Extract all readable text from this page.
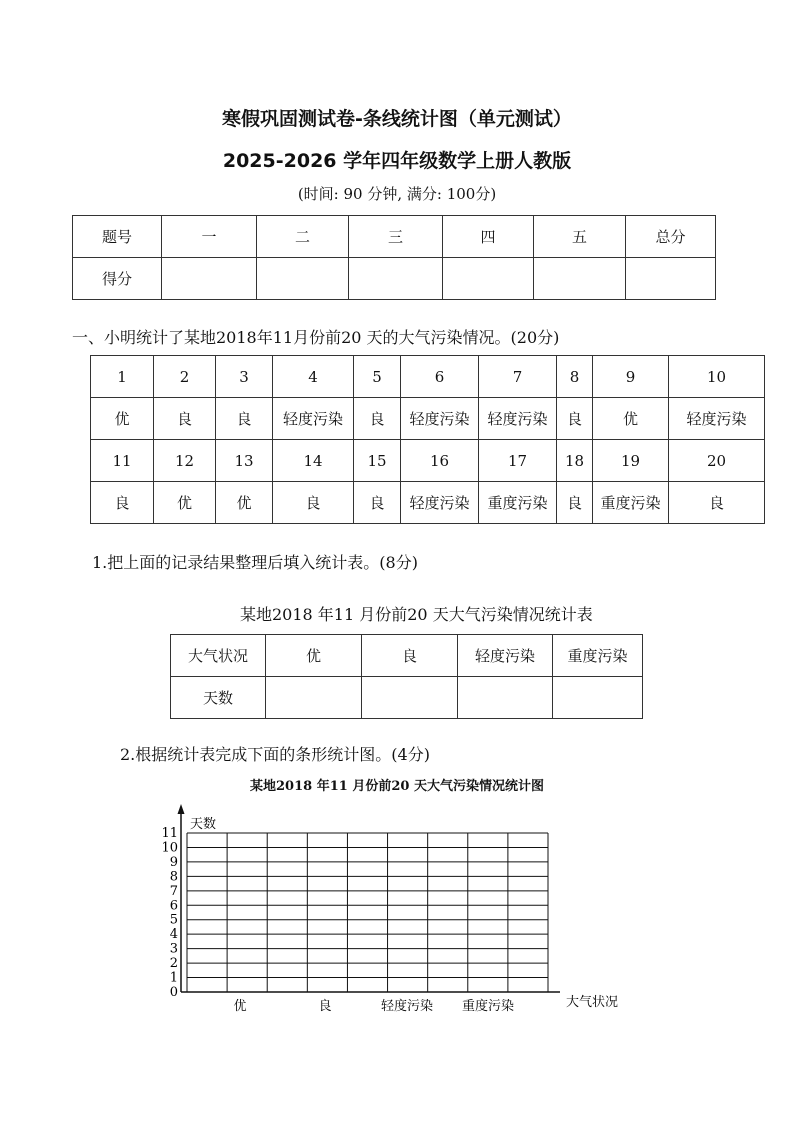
寒假巩固测试卷-条线统计图（单元测试）
2025-2026 学年四年级数学上册人教版
(时间: 90 分钟, 满分: 100分)
题号	一	二	三	四	五	总分
得分						
一、小明统计了某地2018年11月份前20 天的大气污染情况。(20分)
1	2	3	4	5	6	7	8	9	10
优	良	良	轻度污染	良	轻度污染	轻度污染	良	优	轻度污染
11	12	13	14	15	16	17	18	19	20
良	优	优	良	良	轻度污染	重度污染	良	重度污染	良
1.把上面的记录结果整理后填入统计表。(8分)
某地2018 年11 月份前20 天大气污染情况统计表
大气状况	优	良	轻度污染	重度污染
天数				
2.根据统计表完成下面的条形统计图。(4分)
某地2018 年11 月份前20 天大气污染情况统计图
天数
大气状况
0
1
2
3
4
5
6
7
8
9
10
11
优	良	轻度污染 重度污染
